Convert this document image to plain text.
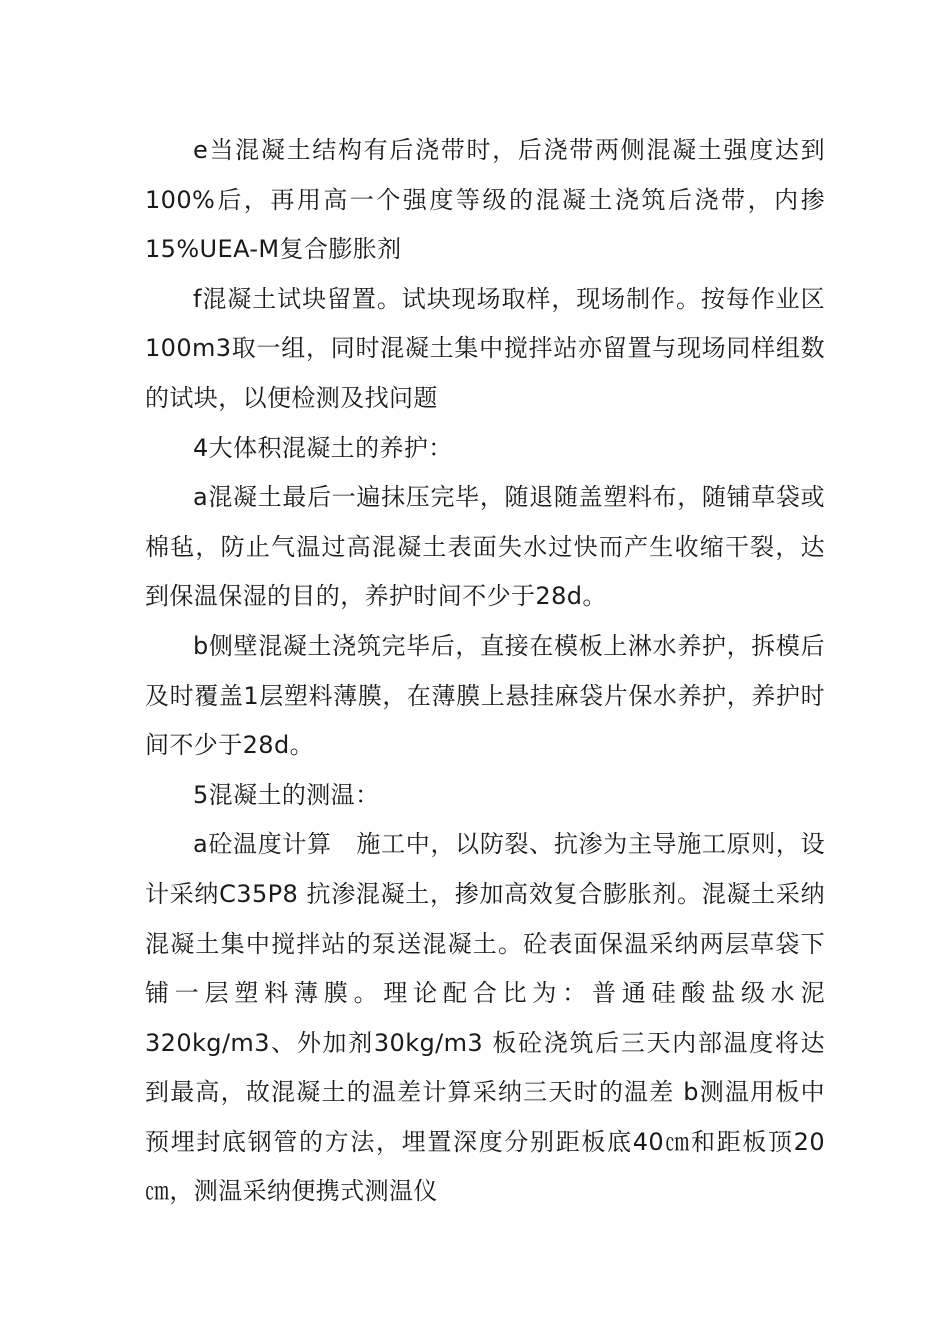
e当混凝土结构有后浇带时，后浇带两侧混凝土强度达到100%后，再用高一个强度等级的混凝土浇筑后浇带，内掺15%UEA-M复合膨胀剂

f混凝土试块留置。试块现场取样，现场制作。按每作业区100m3取一组，同时混凝土集中搅拌站亦留置与现场同样组数的试块，以便检测及找问题

4大体积混凝土的养护：

a混凝土最后一遍抹压完毕，随退随盖塑料布，随铺草袋或棉毡，防止气温过高混凝土表面失水过快而产生收缩干裂，达到保温保湿的目的，养护时间不少于28d。

b侧壁混凝土浇筑完毕后，直接在模板上淋水养护，拆模后及时覆盖1层塑料薄膜，在薄膜上悬挂麻袋片保水养护，养护时间不少于28d。

5混凝土的测温：

a砼温度计算　施工中，以防裂、抗渗为主导施工原则，设计采纳C35P8 抗渗混凝土，掺加高效复合膨胀剂。混凝土采纳混凝土集中搅拌站的泵送混凝土。砼表面保温采纳两层草袋下铺一层塑料薄膜。理论配合比为：普通硅酸盐级水泥320kg/m3、外加剂30kg/m3 板砼浇筑后三天内部温度将达到最高，故混凝土的温差计算采纳三天时的温差 b测温用板中预埋封底钢管的方法，埋置深度分别距板底40㎝和距板顶20㎝，测温采纳便携式测温仪
